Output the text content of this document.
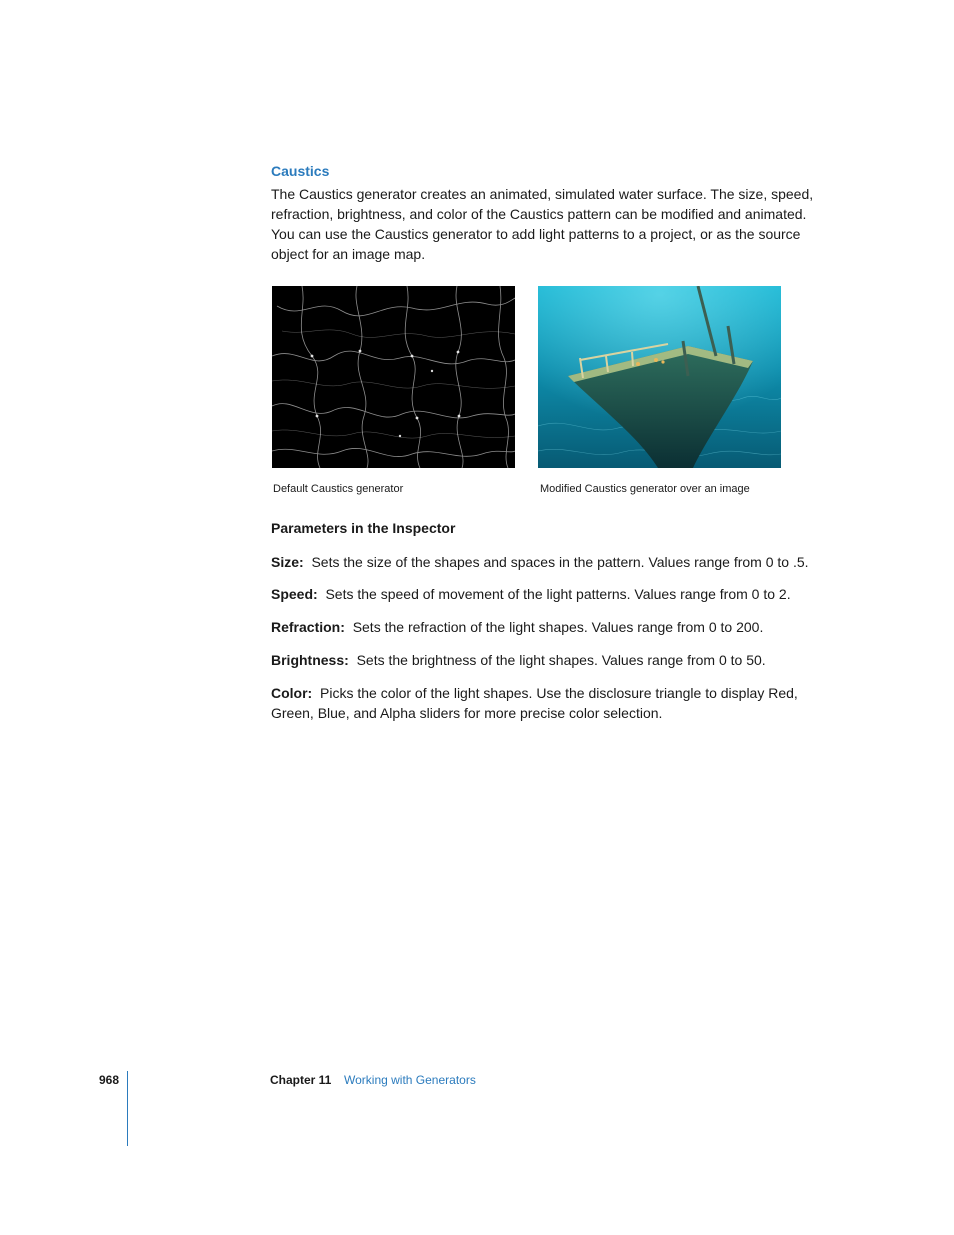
Caustics

The Caustics generator creates an animated, simulated water surface. The size, speed, refraction, brightness, and color of the Caustics pattern can be modified and animated. You can use the Caustics generator to add light patterns to a project, or as the source object for an image map.

Default Caustics generator	Modified Caustics generator over an image
Parameters in the Inspector

Size: Sets the size of the shapes and spaces in the pattern. Values range from 0 to .5.

Speed: Sets the speed of movement of the light patterns. Values range from 0 to 2.

Refraction: Sets the refraction of the light shapes. Values range from 0 to 200.

Brightness: Sets the brightness of the light shapes. Values range from 0 to 50.

Color: Picks the color of the light shapes. Use the disclosure triangle to display Red, Green, Blue, and Alpha sliders for more precise color selection.

968	Chapter 11 Working with Generators
